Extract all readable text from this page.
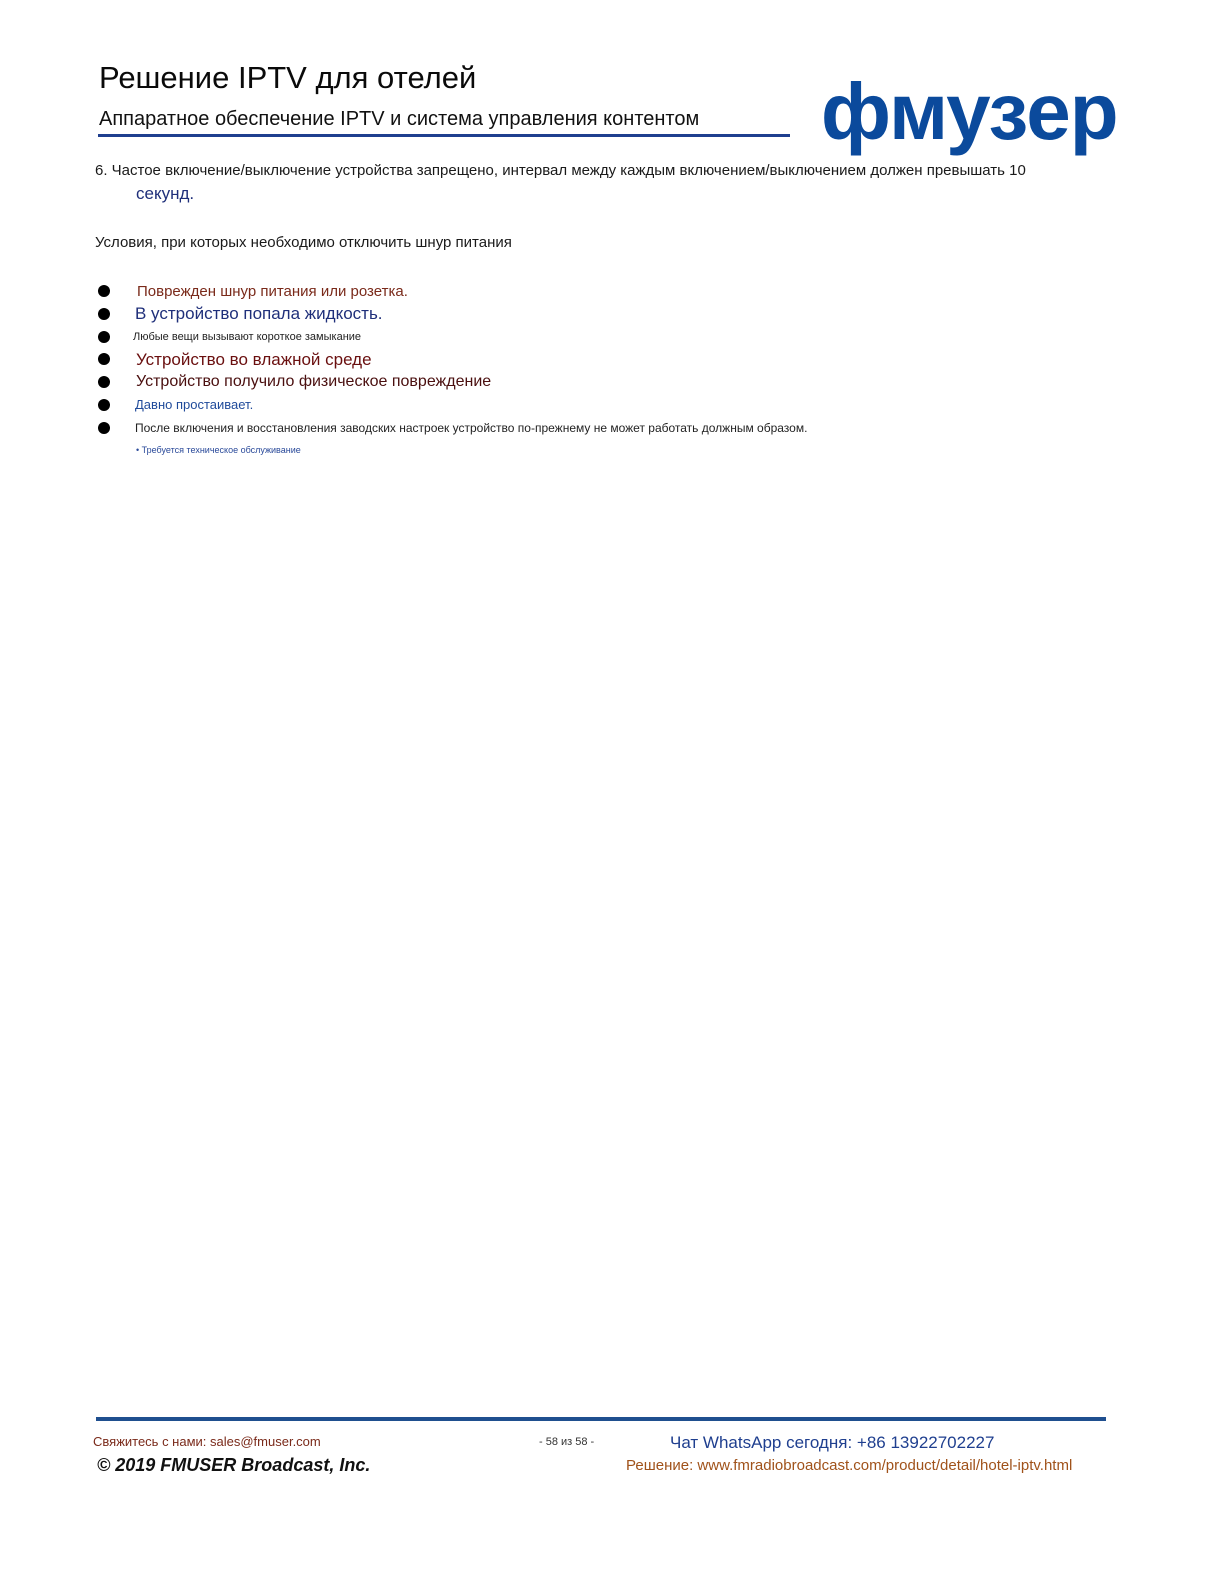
Решение IPTV для отелей
Аппаратное обеспечение IPTV и система управления контентом фмузер
6. Частое включение/выключение устройства запрещено, интервал между каждым включением/выключением должен превышать 10
секунд.
Условия, при которых необходимо отключить шнур питания
Поврежден шнур питания или розетка.
В устройство попала жидкость.
Любые вещи вызывают короткое замыкание
Устройство во влажной среде
Устройство получило физическое повреждение
Давно простаивает.
После включения и восстановления заводских настроек устройство по-прежнему не может работать должным образом.
• Требуется техническое обслуживание
Свяжитесь с нами: sales@fmuser.com
© 2019 FMUSER Broadcast, Inc.
- 58 из 58 -	Чат WhatsApp сегодня: +86 13922702227
Решение: www.fmradiobroadcast.com/product/detail/hotel-iptv.html
